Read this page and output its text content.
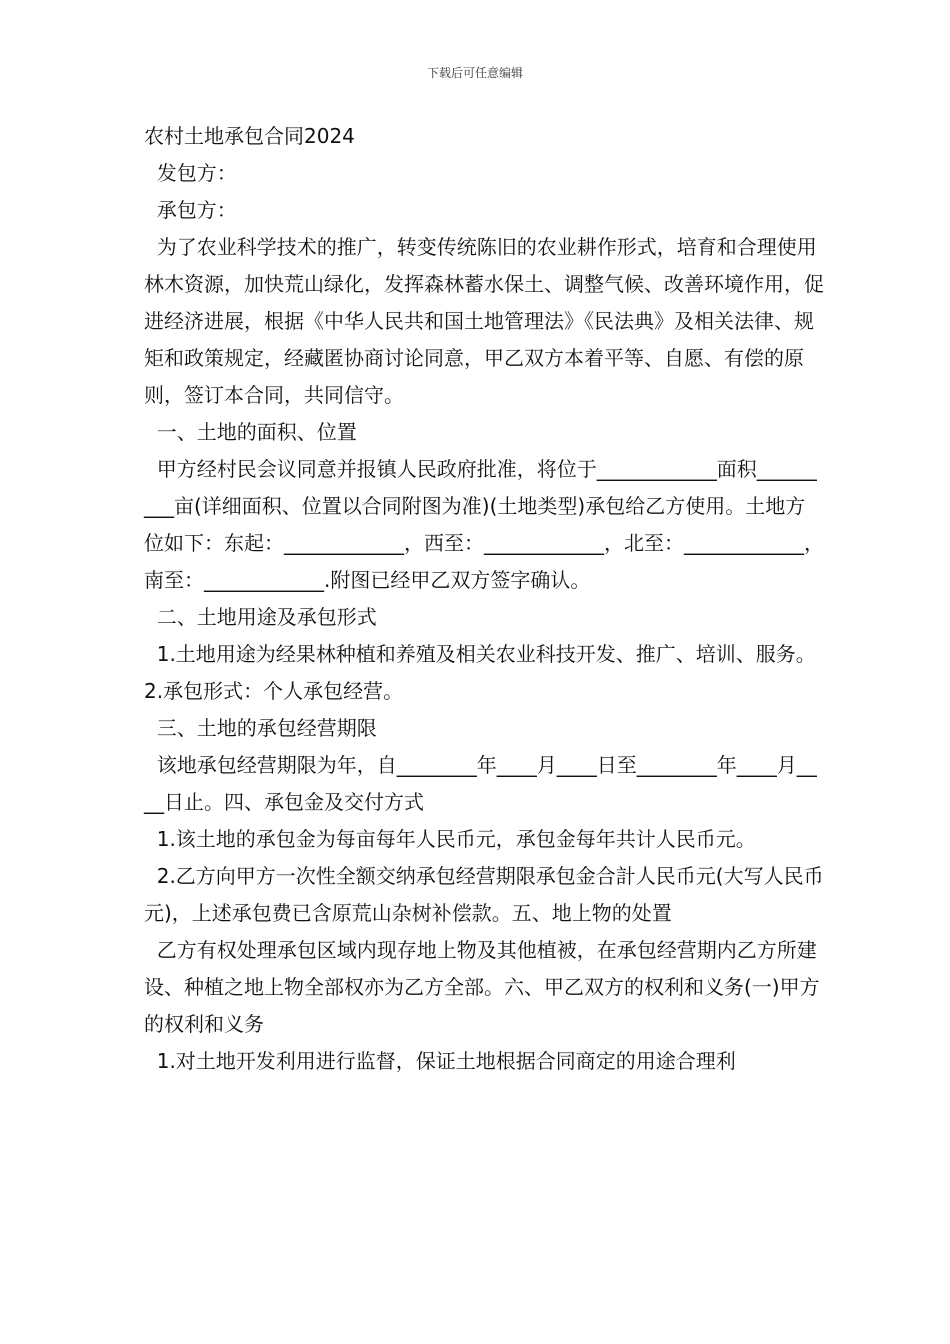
下载后可任意编辑

农村土地承包合同2024

发包方：

承包方：

为了农业科学技术的推广，转变传统陈旧的农业耕作形式，培育和合理使用林木资源，加快荒山绿化，发挥森林蓄水保土、调整气候、改善环境作用，促进经济进展，根据《中华人民共和国土地管理法》《民法典》及相关法律、规矩和政策规定，经藏匿协商讨论同意，甲乙双方本着平等、自愿、有偿的原则，签订本合同，共同信守。

一、土地的面积、位置

甲方经村民会议同意并报镇人民政府批准，将位于____________面积_________亩(详细面积、位置以合同附图为准)(土地类型)承包给乙方使用。土地方位如下：东起：____________，西至：____________，北至：____________，南至：____________.附图已经甲乙双方签字确认。

二、土地用途及承包形式

1.土地用途为经果林种植和养殖及相关农业科技开发、推广、培训、服务。2.承包形式：个人承包经营。

三、土地的承包经营期限

该地承包经营期限为年，自________年____月____日至________年____月____日止。四、承包金及交付方式

1.该土地的承包金为每亩每年人民币元，承包金每年共计人民币元。

2.乙方向甲方一次性全额交纳承包经营期限承包金合計人民币元(大写人民币元)，上述承包费已含原荒山杂树补偿款。五、地上物的处置

乙方有权处理承包区域内现存地上物及其他植被，在承包经营期内乙方所建设、种植之地上物全部权亦为乙方全部。六、甲乙双方的权利和义务(一)甲方的权利和义务

1.对土地开发利用进行监督，保证土地根据合同商定的用途合理利
